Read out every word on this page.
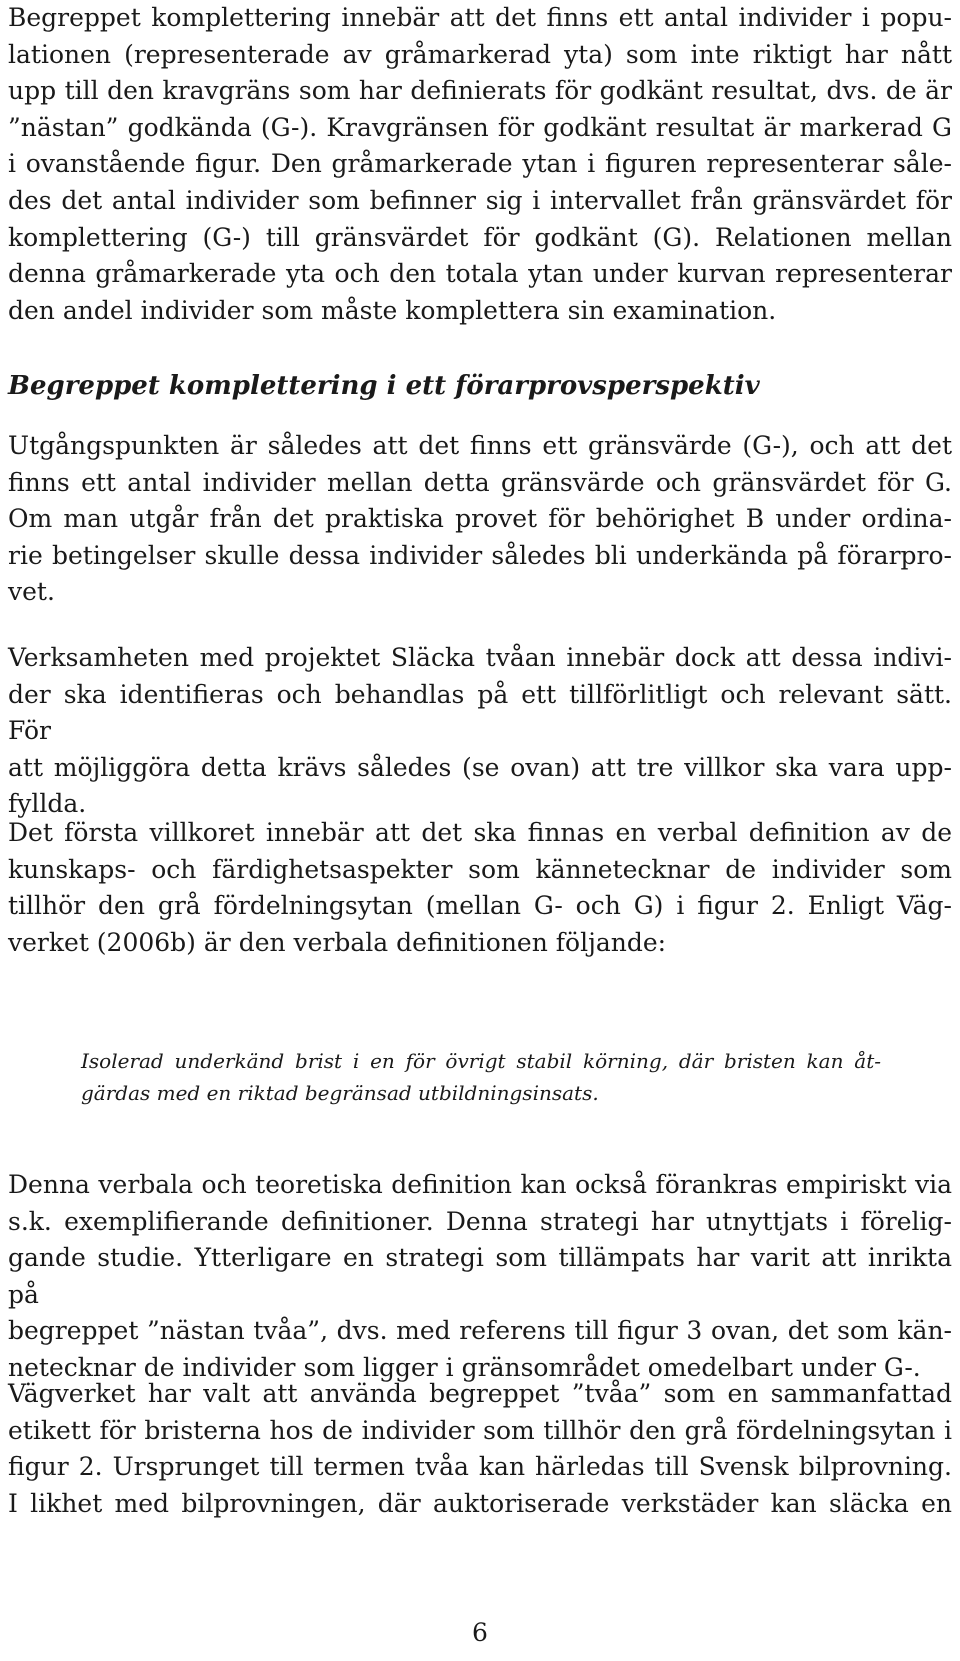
Begreppet komplettering innebär att det finns ett antal individer i popu-
lationen (representerade av gråmarkerad yta) som inte riktigt har nått
upp till den kravgräns som har definierats för godkänt resultat, dvs. de är
”nästan” godkända (G-). Kravgränsen för godkänt resultat är markerad G
i ovanstående figur. Den gråmarkerade ytan i figuren representerar såle-
des det antal individer som befinner sig i intervallet från gränsvärdet för
komplettering (G-) till gränsvärdet för godkänt (G). Relationen mellan
denna gråmarkerade yta och den totala ytan under kurvan representerar
den andel individer som måste komplettera sin examination.

Begreppet komplettering i ett förarprovsperspektiv

Utgångspunkten är således att det finns ett gränsvärde (G-), och att det
finns ett antal individer mellan detta gränsvärde och gränsvärdet för G.
Om man utgår från det praktiska provet för behörighet B under ordina-
rie betingelser skulle dessa individer således bli underkända på förarpro-
vet.

Verksamheten med projektet Släcka tvåan innebär dock att dessa indivi-
der ska identifieras och behandlas på ett tillförlitligt och relevant sätt. För
att möjliggöra detta krävs således (se ovan) att tre villkor ska vara upp-
fyllda.

Det första villkoret innebär att det ska finnas en verbal definition av de
kunskaps- och färdighetsaspekter som kännetecknar de individer som
tillhör den grå fördelningsytan (mellan G- och G) i figur 2. Enligt Väg-
verket (2006b) är den verbala definitionen följande:

Isolerad underkänd brist i en för övrigt stabil körning, där bristen kan åt-
gärdas med en riktad begränsad utbildningsinsats.

Denna verbala och teoretiska definition kan också förankras empiriskt via
s.k. exemplifierande definitioner. Denna strategi har utnyttjats i förelig-
gande studie. Ytterligare en strategi som tillämpats har varit att inrikta på
begreppet ”nästan tvåa”, dvs. med referens till figur 3 ovan, det som kän-
netecknar de individer som ligger i gränsområdet omedelbart under G-.

Vägverket har valt att använda begreppet ”tvåa” som en sammanfattad
etikett för bristerna hos de individer som tillhör den grå fördelningsytan i
figur 2. Ursprunget till termen tvåa kan härledas till Svensk bilprovning.
I likhet med bilprovningen, där auktoriserade verkstäder kan släcka en

6
